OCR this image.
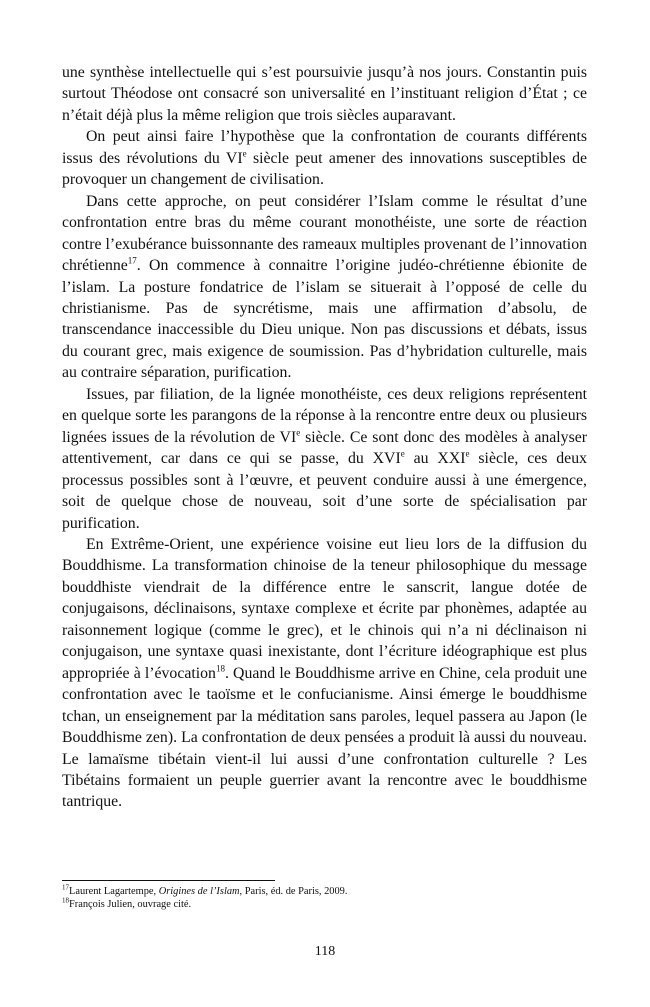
une synthèse intellectuelle qui s’est poursuivie jusqu’à nos jours. Constantin puis surtout Théodose ont consacré son universalité en l’instituant religion d’État ; ce n’était déjà plus la même religion que trois siècles auparavant.

On peut ainsi faire l’hypothèse que la confrontation de courants différents issus des révolutions du VIe siècle peut amener des innovations susceptibles de provoquer un changement de civilisation.

Dans cette approche, on peut considérer l’Islam comme le résultat d’une confrontation entre bras du même courant monothéiste, une sorte de réaction contre l’exubérance buissonnante des rameaux multiples provenant de l’innovation chrétienne$^{17}$. On commence à connaitre l’origine judéo-chrétienne ébionite de l’islam. La posture fondatrice de l’islam se situerait à l’opposé de celle du christianisme. Pas de syncrétisme, mais une affirmation d’absolu, de transcendance inaccessible du Dieu unique. Non pas discussions et débats, issus du courant grec, mais exigence de soumission. Pas d’hybridation culturelle, mais au contraire séparation, purification.

Issues, par filiation, de la lignée monothéiste, ces deux religions représentent en quelque sorte les parangons de la réponse à la rencontre entre deux ou plusieurs lignées issues de la révolution de VIe siècle. Ce sont donc des modèles à analyser attentivement, car dans ce qui se passe, du XVIe au XXIe siècle, ces deux processus possibles sont à l’œuvre, et peuvent conduire aussi à une émergence, soit de quelque chose de nouveau, soit d’une sorte de spécialisation par purification.

En Extrême-Orient, une expérience voisine eut lieu lors de la diffusion du Bouddhisme. La transformation chinoise de la teneur philosophique du message bouddhiste viendrait de la différence entre le sanscrit, langue dotée de conjugaisons, déclinaisons, syntaxe complexe et écrite par phonèmes, adaptée au raisonnement logique (comme le grec), et le chinois qui n’a ni déclinaison ni conjugaison, une syntaxe quasi inexistante, dont l’écriture idéographique est plus appropriée à l’évocation$^{18}$. Quand le Bouddhisme arrive en Chine, cela produit une confrontation avec le taoïsme et le confucianisme. Ainsi émerge le bouddhisme tchan, un enseignement par la méditation sans paroles, lequel passera au Japon (le Bouddhisme zen). La confrontation de deux pensées a produit là aussi du nouveau. Le lamaïsme tibétain vient-il lui aussi d’une confrontation culturelle ? Les Tibétains formaient un peuple guerrier avant la rencontre avec le bouddhisme tantrique.

$^{17}$Laurent Lagartempe, Origines de l’Islam, Paris, éd. de Paris, 2009.

$^{18}$François Julien, ouvrage cité.

118
